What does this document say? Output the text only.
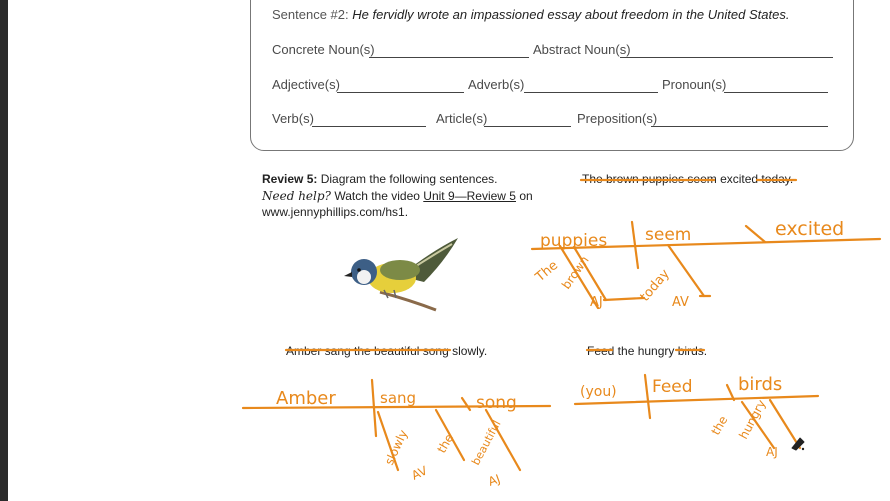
Sentence #2: He fervidly wrote an impassioned essay about freedom in the United States.
Concrete Noun(s)	Abstract Noun(s)
Adjective(s)	Adverb(s)	Pronoun(s)
Verb(s)	Article(s)	Preposition(s)
Review 5: Diagram the following sentences.
Need help? Watch the video Unit 9—Review 5 on
www.jennyphillips.com/hs1.
The brown puppies seem excited today.
Amber sang the beautiful song slowly.	Feed the hungry birds.
puppies seem	excited
The
brown
AJ	today AV
Amber	sang	song
slowly
AV
the beautiful
AJ
(you) Feed	birds
the hungry
AJ
